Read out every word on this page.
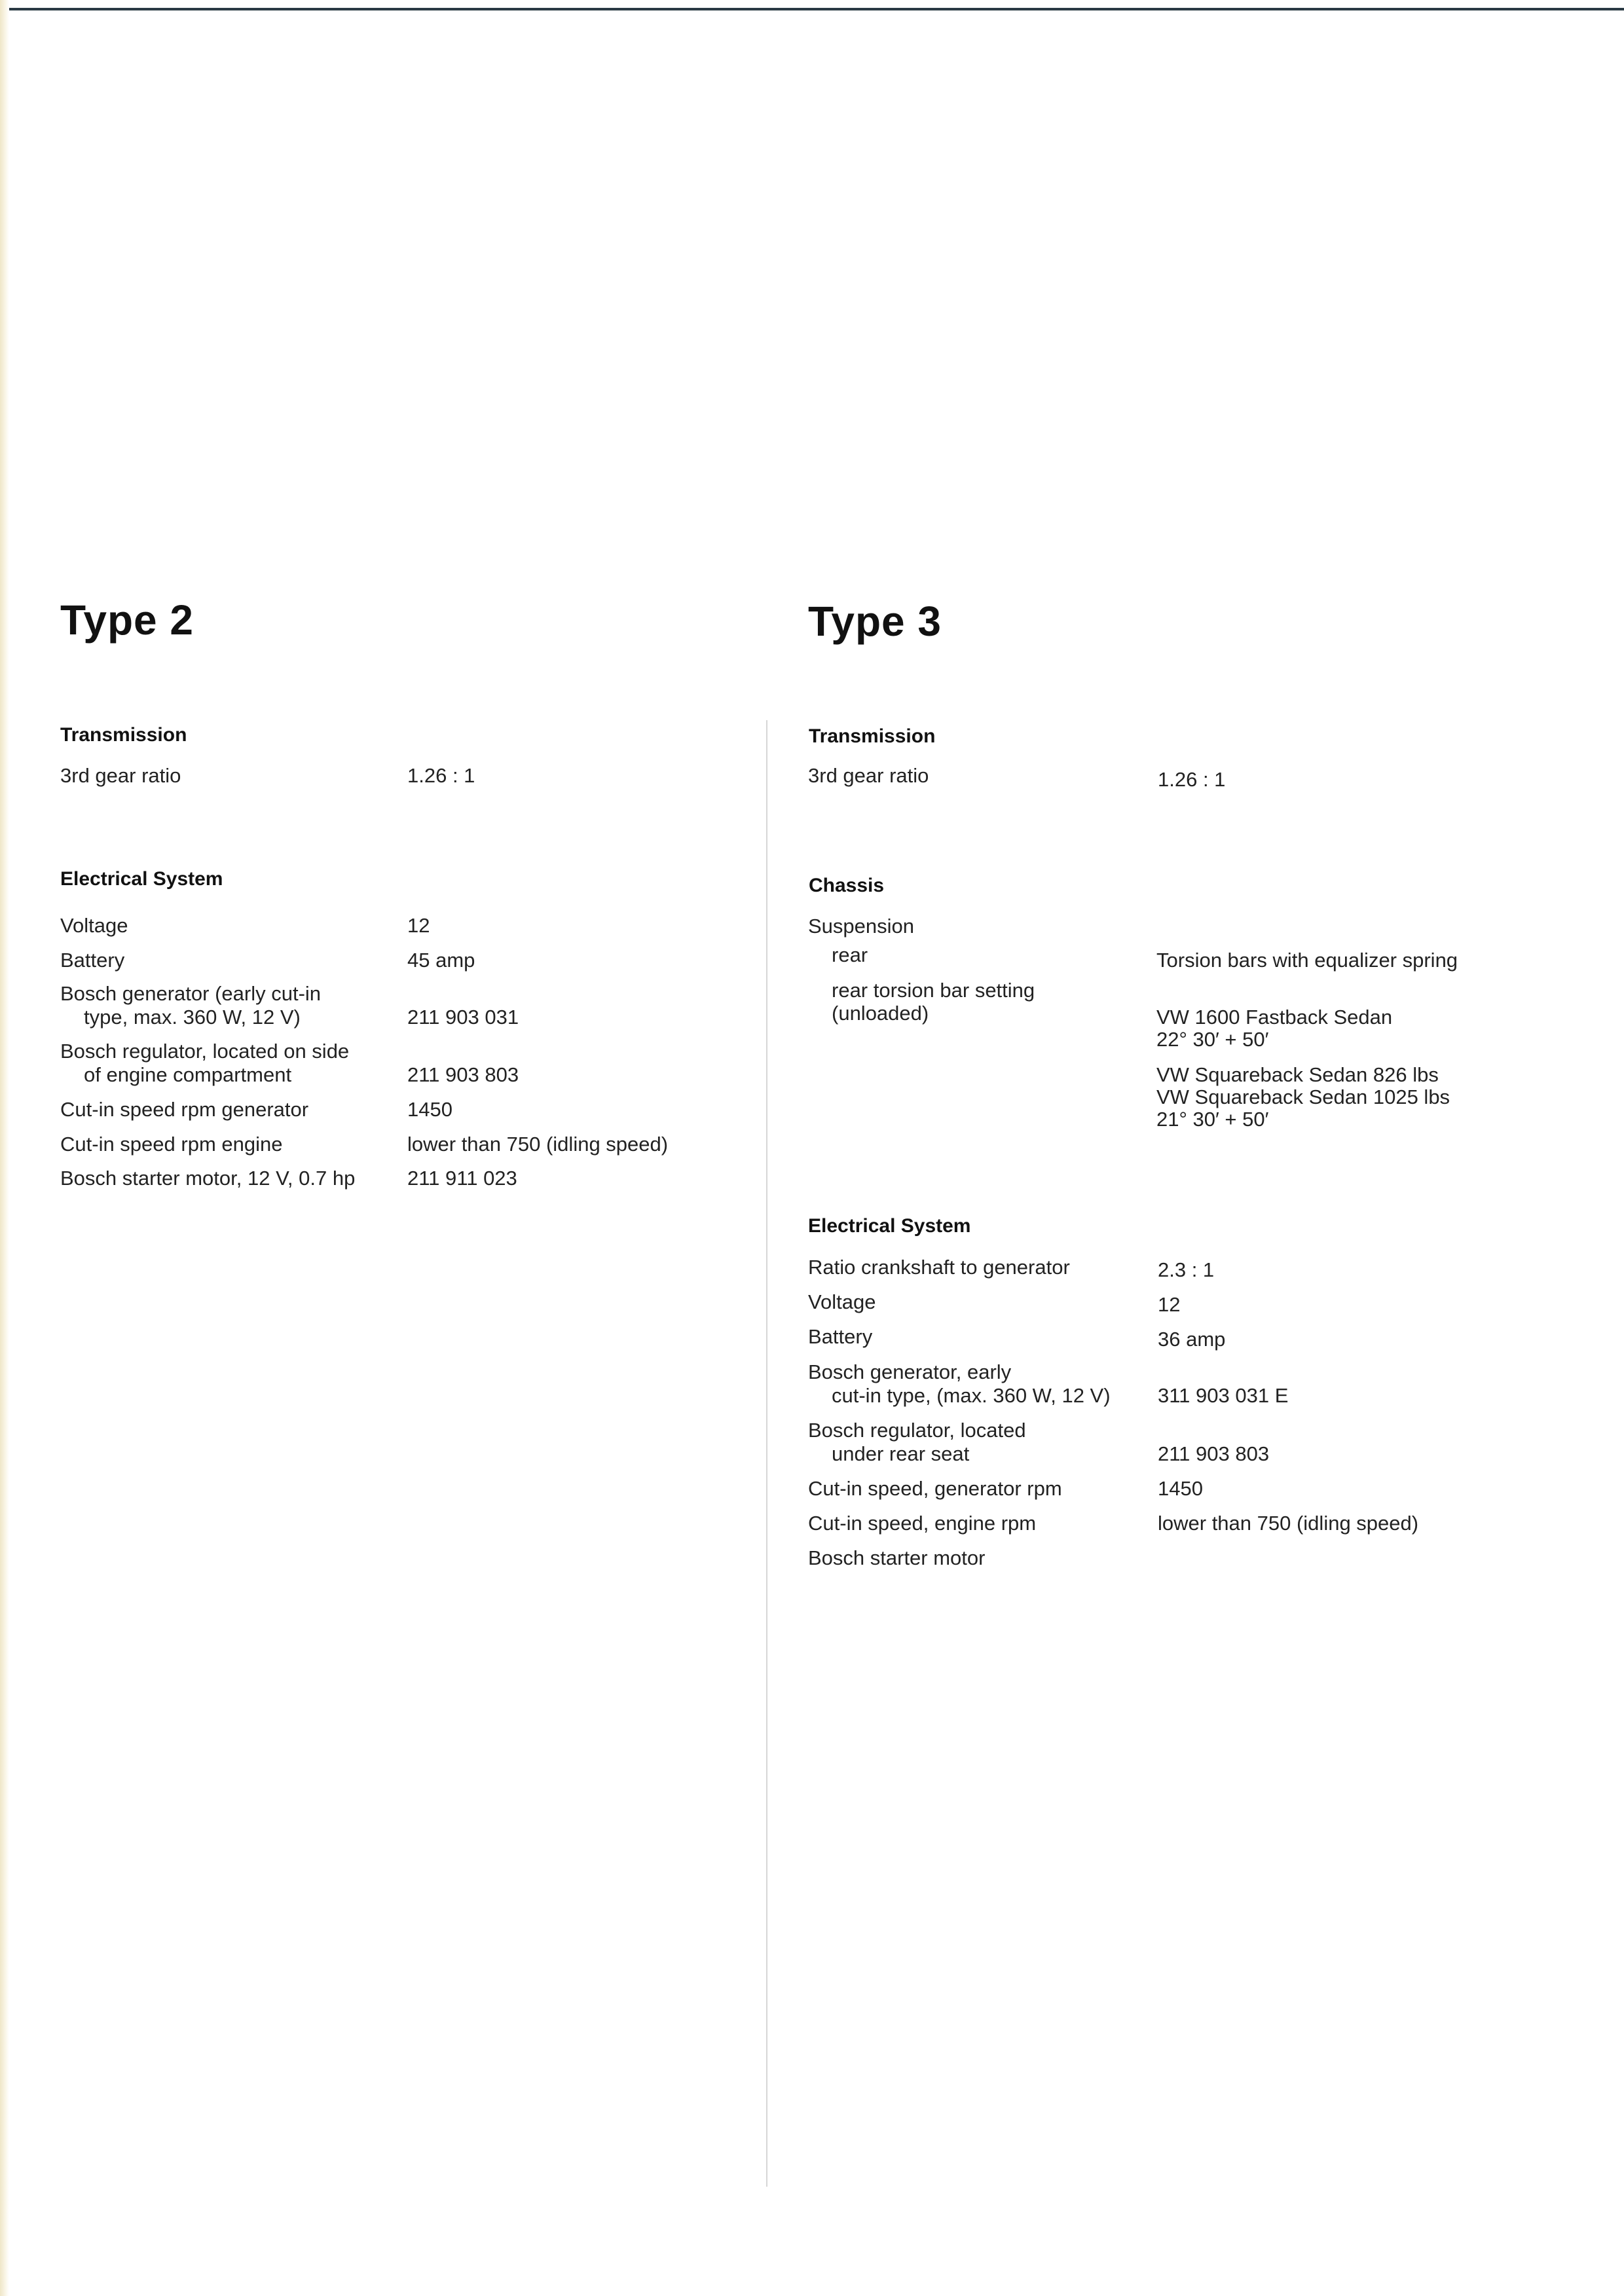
Type 2
Transmission
3rd gear ratio	1.26 : 1
Electrical System
Voltage	12
Battery	45 amp
Bosch generator (early cut-in
type, max. 360 W, 12 V)	211 903 031
Bosch regulator, located on side
of engine compartment	211 903 803
Cut-in speed rpm generator	1450
Cut-in speed rpm engine	lower than 750 (idling speed)
Bosch starter motor, 12 V, 0.7 hp	211 911 023
Type 3
Transmission
3rd gear ratio	1.26 : 1
Chassis
Suspension
rear	Torsion bars with equalizer spring
rear torsion bar setting
(unloaded)	VW 1600 Fastback Sedan
22° 30′ + 50′
VW Squareback Sedan 826 lbs
VW Squareback Sedan 1025 lbs
21° 30′ + 50′
Electrical System
Ratio crankshaft to generator	2.3 : 1
Voltage	12
Battery	36 amp
Bosch generator, early
cut-in type, (max. 360 W, 12 V) 311 903 031 E
Bosch regulator, located
under rear seat	211 903 803
Cut-in speed, generator rpm	1450
Cut-in speed, engine rpm	lower than 750 (idling speed)
Bosch starter motor
